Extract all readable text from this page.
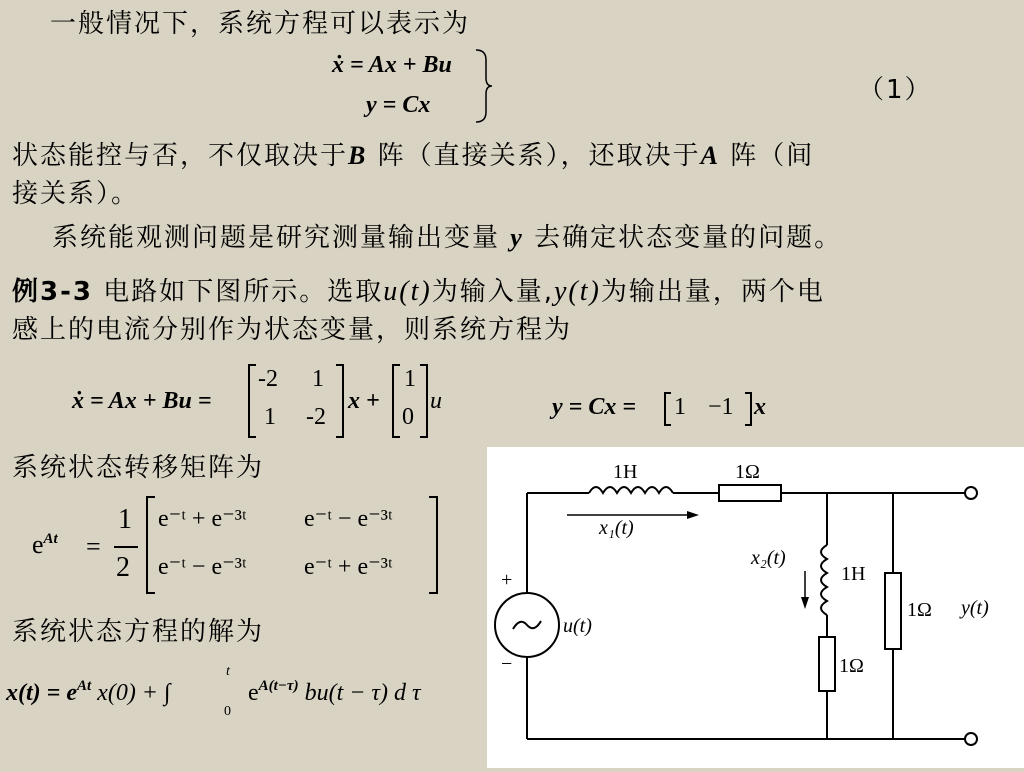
一般情况下，系统方程可以表示为
ẋ = Ax + Bu
y = Cx	（1）
状态能控与否，不仅取决于B 阵（直接关系），还取决于A 阵（间
接关系）。
系统能观测问题是研究测量输出变量 y 去确定状态变量的问题。
例3-3 电路如下图所示。选取u(t)为输入量,y(t)为输出量，两个电
感上的电流分别作为状态变量，则系统方程为
ẋ = Ax + Bu =
-2 1
1 -2
x +
1
0
u	y = Cx = 1 −1 x
系统状态转移矩阵为
$e^{At}$ =
1
2
e⁻ᵗ + e⁻³ᵗ e⁻ᵗ − e⁻³ᵗ
e⁻ᵗ − e⁻³ᵗ e⁻ᵗ + e⁻³ᵗ
系统状态方程的解为
$x(t) = e^{At}$ x(0) + ∫
t
0
$e^{A(t-\tau)}$ bu(t − τ) d τ
1H	1Ω
x₁(t)
x₂(t)
1H
1Ω y(t)
1Ω
u(t)
+
−
